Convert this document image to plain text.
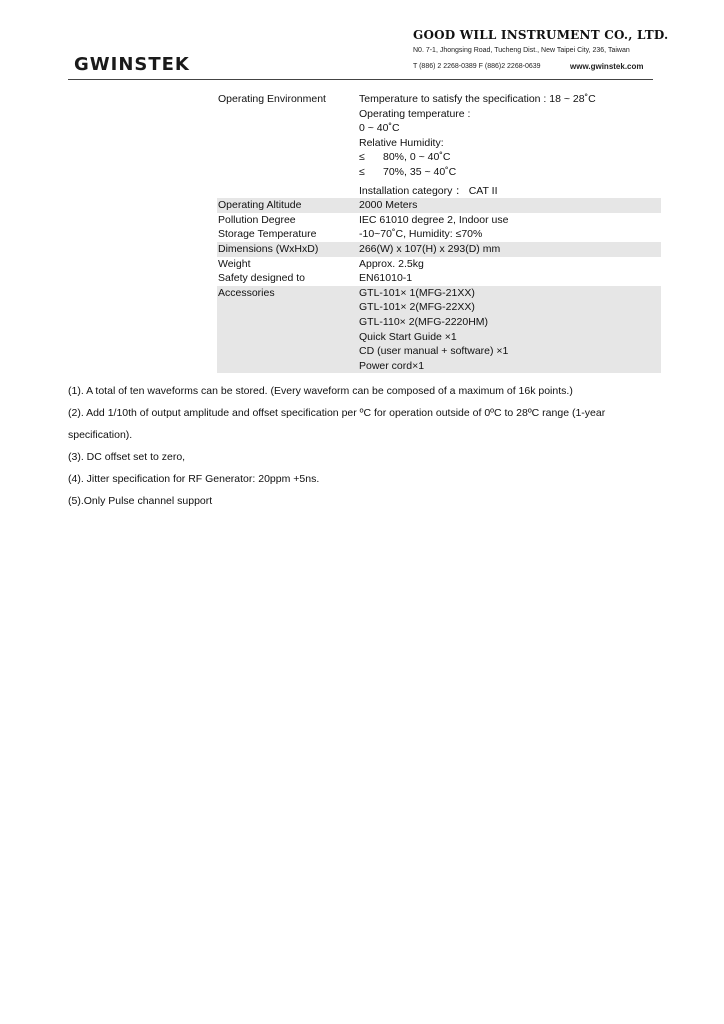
GWINSTEK
GOOD WILL INSTRUMENT CO., LTD.
N0. 7-1, Jhongsing Road, Tucheng Dist., New Taipei City, 236, Taiwan
T (886) 2 2268-0389 F (886)2 2268-0639	www.gwinstek.com
Operating Environment	Temperature to satisfy the specification : 18 ~ 28˚C
Operating temperature :
0 ~ 40˚C
Relative Humidity:
≤ 80%, 0 ~ 40˚C
≤ 70%, 35 ~ 40˚C
Installation category ： CAT II
Operating Altitude	2000 Meters
Pollution Degree	IEC 61010 degree 2, Indoor use
Storage Temperature	-10~70˚C, Humidity: ≤70%
Dimensions (WxHxD)	266(W) x 107(H) x 293(D) mm
Weight	Approx. 2.5kg
Safety designed to	EN61010-1
Accessories	GTL-101× 1(MFG-21XX)
GTL-101× 2(MFG-22XX)
GTL-110× 2(MFG-2220HM)
Quick Start Guide ×1
CD (user manual + software) ×1
Power cord×1

(1). A total of ten waveforms can be stored. (Every waveform can be composed of a maximum of 16k points.)

(2). Add 1/10th of output amplitude and offset specification per ºC for operation outside of 0ºC to 28ºC range (1-year specification).

(3). DC offset set to zero,

(4). Jitter specification for RF Generator: 20ppm +5ns.

(5).Only Pulse channel support
